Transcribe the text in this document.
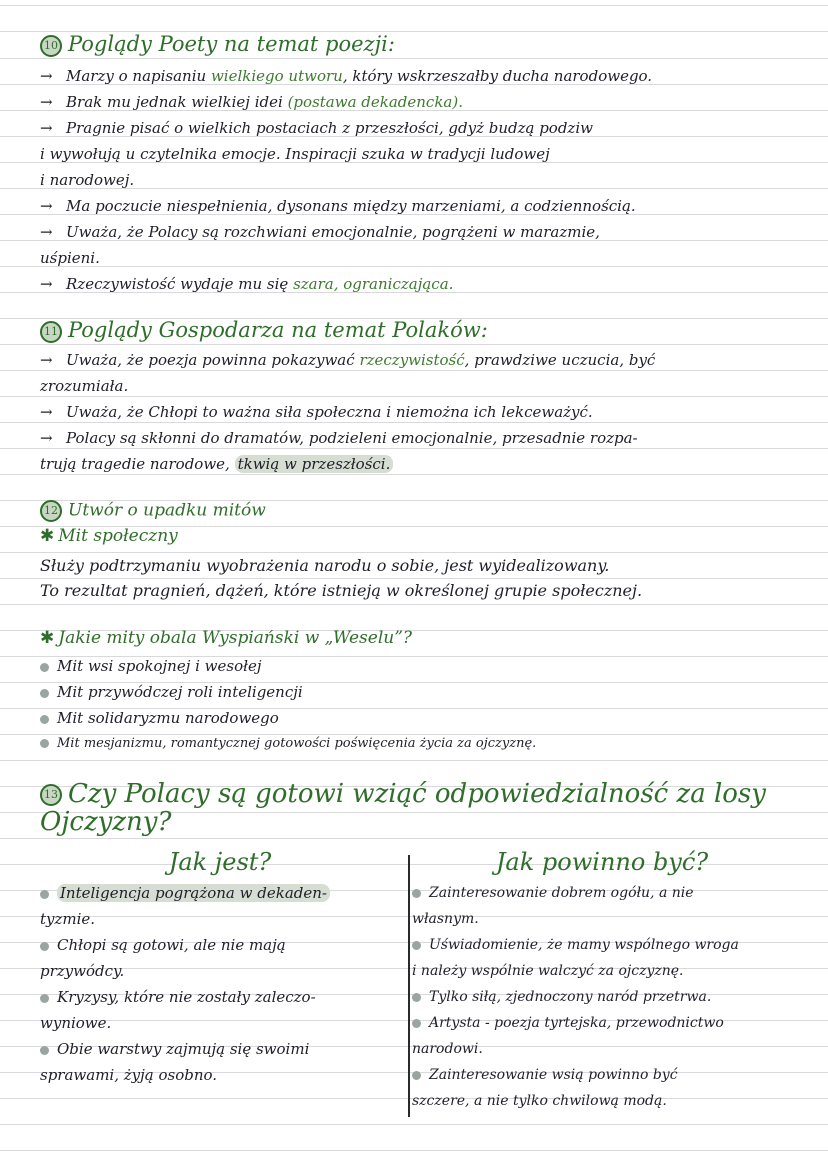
10 Poglądy Poety na temat poezji:
→ Marzy o napisaniu wielkiego utworu, który wskrzeszałby ducha narodowego.
→ Brak mu jednak wielkiej idei (postawa dekadencka).
→ Pragnie pisać o wielkich postaciach z przeszłości, gdyż budzą podziw
i wywołują u czytelnika emocje. Inspiracji szuka w tradycji ludowej
i narodowej.
→ Ma poczucie niespełnienia, dysonans między marzeniami, a codziennością.
→ Uważa, że Polacy są rozchwiani emocjonalnie, pogrążeni w marazmie,
uśpieni.
→ Rzeczywistość wydaje mu się szara, ograniczająca.
11 Poglądy Gospodarza na temat Polaków:
→ Uważa, że poezja powinna pokazywać rzeczywistość, prawdziwe uczucia, być
zrozumiała.
→ Uważa, że Chłopi to ważna siła społeczna i niemożna ich lekceważyć.
→ Polacy są skłonni do dramatów, podzieleni emocjonalnie, przesadnie rozpa-
trują tragedie narodowe, tkwią w przeszłości.
12 Utwór o upadku mitów
✱ Mit społeczny
Służy podtrzymaniu wyobrażenia narodu o sobie, jest wyidealizowany.
To rezultat pragnień, dążeń, które istnieją w określonej grupie społecznej.
✱ Jakie mity obala Wyspiański w „Weselu”?
Mit wsi spokojnej i wesołej
Mit przywódczej roli inteligencji
Mit solidaryzmu narodowego
Mit mesjanizmu, romantycznej gotowości poświęcenia życia za ojczyznę.
13 Czy Polacy są gotowi wziąć odpowiedzialność za losy
Ojczyzny?
Jak jest?
Inteligencja pogrążona w dekaden-
tyzmie.
Chłopi są gotowi, ale nie mają
przywódcy.
Kryzysy, które nie zostały zaleczo-
wyniowe.
Obie warstwy zajmują się swoimi
sprawami, żyją osobno.
Jak powinno być?
Zainteresowanie dobrem ogółu, a nie
własnym.
Uświadomienie, że mamy wspólnego wroga
i należy wspólnie walczyć za ojczyznę.
Tylko siłą, zjednoczony naród przetrwa.
Artysta - poezja tyrtejska, przewodnictwo
narodowi.
Zainteresowanie wsią powinno być
szczere, a nie tylko chwilową modą.
